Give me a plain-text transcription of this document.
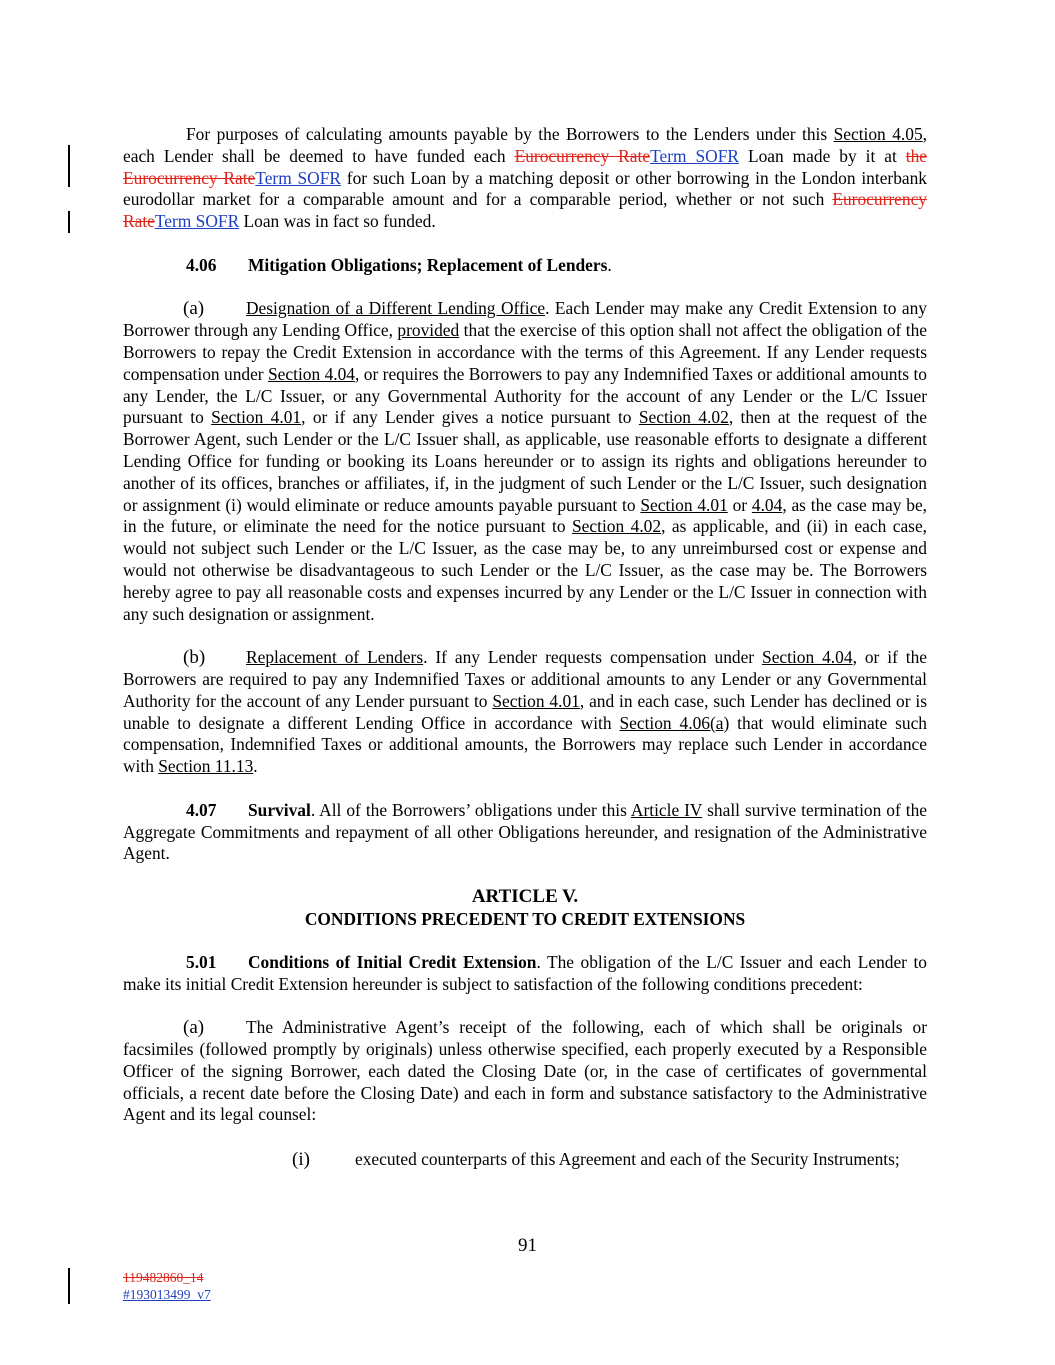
For purposes of calculating amounts payable by the Borrowers to the Lenders under this Section 4.05, each Lender shall be deemed to have funded each Eurocurrency RateTerm SOFR Loan made by it at the Eurocurrency RateTerm SOFR for such Loan by a matching deposit or other borrowing in the London interbank eurodollar market for a comparable amount and for a comparable period, whether or not such Eurocurrency RateTerm SOFR Loan was in fact so funded.

4.06 Mitigation Obligations; Replacement of Lenders.

(a) Designation of a Different Lending Office. Each Lender may make any Credit Extension to any Borrower through any Lending Office, provided that the exercise of this option shall not affect the obligation of the Borrowers to repay the Credit Extension in accordance with the terms of this Agreement. If any Lender requests compensation under Section 4.04, or requires the Borrowers to pay any Indemnified Taxes or additional amounts to any Lender, the L/C Issuer, or any Governmental Authority for the account of any Lender or the L/C Issuer pursuant to Section 4.01, or if any Lender gives a notice pursuant to Section 4.02, then at the request of the Borrower Agent, such Lender or the L/C Issuer shall, as applicable, use reasonable efforts to designate a different Lending Office for funding or booking its Loans hereunder or to assign its rights and obligations hereunder to another of its offices, branches or affiliates, if, in the judgment of such Lender or the L/C Issuer, such designation or assignment (i) would eliminate or reduce amounts payable pursuant to Section 4.01 or 4.04, as the case may be, in the future, or eliminate the need for the notice pursuant to Section 4.02, as applicable, and (ii) in each case, would not subject such Lender or the L/C Issuer, as the case may be, to any unreimbursed cost or expense and would not otherwise be disadvantageous to such Lender or the L/C Issuer, as the case may be. The Borrowers hereby agree to pay all reasonable costs and expenses incurred by any Lender or the L/C Issuer in connection with any such designation or assignment.

(b) Replacement of Lenders. If any Lender requests compensation under Section 4.04, or if the Borrowers are required to pay any Indemnified Taxes or additional amounts to any Lender or any Governmental Authority for the account of any Lender pursuant to Section 4.01, and in each case, such Lender has declined or is unable to designate a different Lending Office in accordance with Section 4.06(a) that would eliminate such compensation, Indemnified Taxes or additional amounts, the Borrowers may replace such Lender in accordance with Section 11.13.

4.07 Survival. All of the Borrowers’ obligations under this Article IV shall survive termination of the Aggregate Commitments and repayment of all other Obligations hereunder, and resignation of the Administrative Agent.

ARTICLE V.
CONDITIONS PRECEDENT TO CREDIT EXTENSIONS

5.01 Conditions of Initial Credit Extension. The obligation of the L/C Issuer and each Lender to make its initial Credit Extension hereunder is subject to satisfaction of the following conditions precedent:

(a) The Administrative Agent’s receipt of the following, each of which shall be originals or facsimiles (followed promptly by originals) unless otherwise specified, each properly executed by a Responsible Officer of the signing Borrower, each dated the Closing Date (or, in the case of certificates of governmental officials, a recent date before the Closing Date) and each in form and substance satisfactory to the Administrative Agent and its legal counsel:

(i)	executed counterparts of this Agreement and each of the Security Instruments;

91
119482860_14
#193013499_v7
